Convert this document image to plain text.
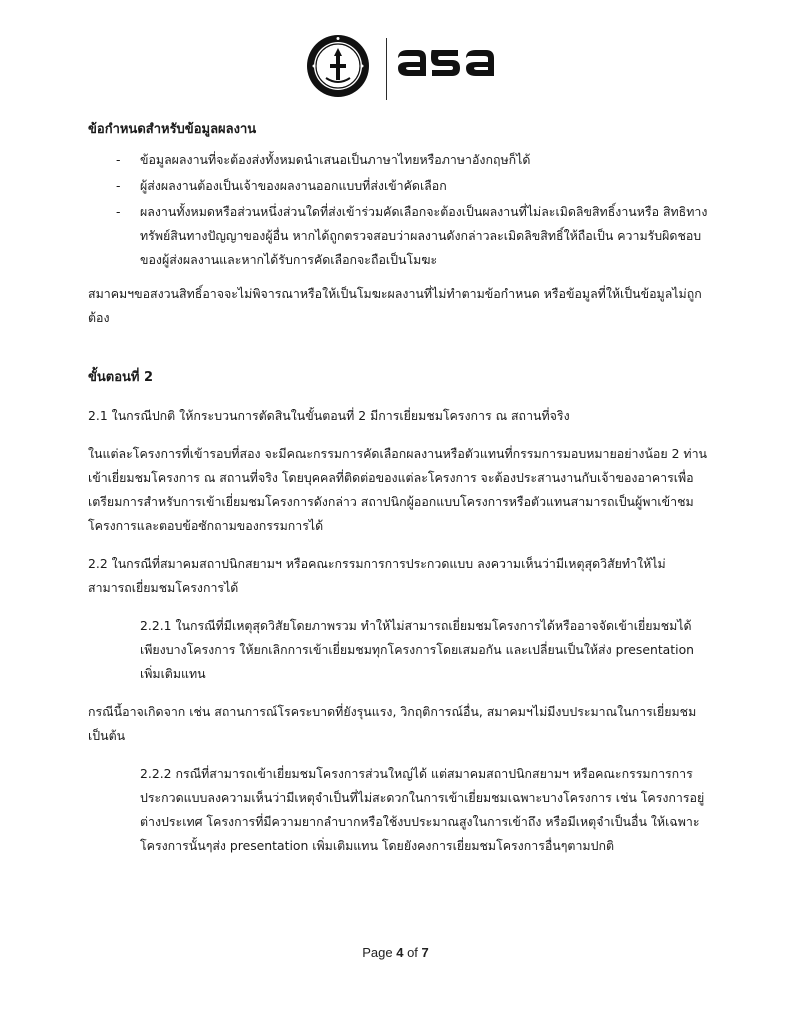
ข้อกำหนดสำหรับข้อมูลผลงาน

- ข้อมูลผลงานที่จะต้องส่งทั้งหมดนำเสนอเป็นภาษาไทยหรือภาษาอังกฤษก็ได้
- ผู้ส่งผลงานต้องเป็นเจ้าของผลงานออกแบบที่ส่งเข้าคัดเลือก
- ผลงานทั้งหมดหรือส่วนหนึ่งส่วนใดที่ส่งเข้าร่วมคัดเลือกจะต้องเป็นผลงานที่ไม่ละเมิดลิขสิทธิ์งานหรือ สิทธิทางทรัพย์สินทางปัญญาของผู้อื่น หากได้ถูกตรวจสอบว่าผลงานดังกล่าวละเมิดลิขสิทธิ์ให้ถือเป็น ความรับผิดชอบของผู้ส่งผลงานและหากได้รับการคัดเลือกจะถือเป็นโมฆะ

สมาคมฯขอสงวนสิทธิ์อาจจะไม่พิจารณาหรือให้เป็นโมฆะผลงานที่ไม่ทำตามข้อกำหนด หรือข้อมูลที่ให้เป็นข้อมูลไม่ถูกต้อง

ขั้นตอนที่ 2

2.1 ในกรณีปกติ ให้กระบวนการตัดสินในขั้นตอนที่ 2 มีการเยี่ยมชมโครงการ ณ สถานที่จริง

ในแต่ละโครงการที่เข้ารอบที่สอง จะมีคณะกรรมการคัดเลือกผลงานหรือตัวแทนที่กรรมการมอบหมายอย่างน้อย 2 ท่าน เข้าเยี่ยมชมโครงการ ณ สถานที่จริง โดยบุคคลที่ติดต่อของแต่ละโครงการ จะต้องประสานงานกับเจ้าของอาคารเพื่อเตรียมการสำหรับการเข้าเยี่ยมชมโครงการดังกล่าว สถาปนิกผู้ออกแบบโครงการหรือตัวแทนสามารถเป็นผู้พาเข้าชมโครงการและตอบข้อซักถามของกรรมการได้

2.2 ในกรณีที่สมาคมสถาปนิกสยามฯ หรือคณะกรรมการการประกวดแบบ ลงความเห็นว่ามีเหตุสุดวิสัยทำให้ไม่สามารถเยี่ยมชมโครงการได้

2.2.1 ในกรณีที่มีเหตุสุดวิสัยโดยภาพรวม ทำให้ไม่สามารถเยี่ยมชมโครงการได้หรืออาจจัดเข้าเยี่ยมชมได้เพียงบางโครงการ ให้ยกเลิกการเข้าเยี่ยมชมทุกโครงการโดยเสมอกัน และเปลี่ยนเป็นให้ส่ง presentation เพิ่มเติมแทน

กรณีนี้อาจเกิดจาก เช่น สถานการณ์โรคระบาดที่ยังรุนแรง, วิกฤติการณ์อื่น, สมาคมฯไม่มีงบประมาณในการเยี่ยมชม เป็นต้น

2.2.2 กรณีที่สามารถเข้าเยี่ยมชมโครงการส่วนใหญ่ได้ แต่สมาคมสถาปนิกสยามฯ หรือคณะกรรมการการประกวดแบบลงความเห็นว่ามีเหตุจำเป็นที่ไม่สะดวกในการเข้าเยี่ยมชมเฉพาะบางโครงการ เช่น โครงการอยู่ต่างประเทศ โครงการที่มีความยากลำบากหรือใช้งบประมาณสูงในการเข้าถึง หรือมีเหตุจำเป็นอื่น ให้เฉพาะโครงการนั้นๆส่ง presentation เพิ่มเติมแทน โดยยังคงการเยี่ยมชมโครงการอื่นๆตามปกติ

Page 4 of 7
